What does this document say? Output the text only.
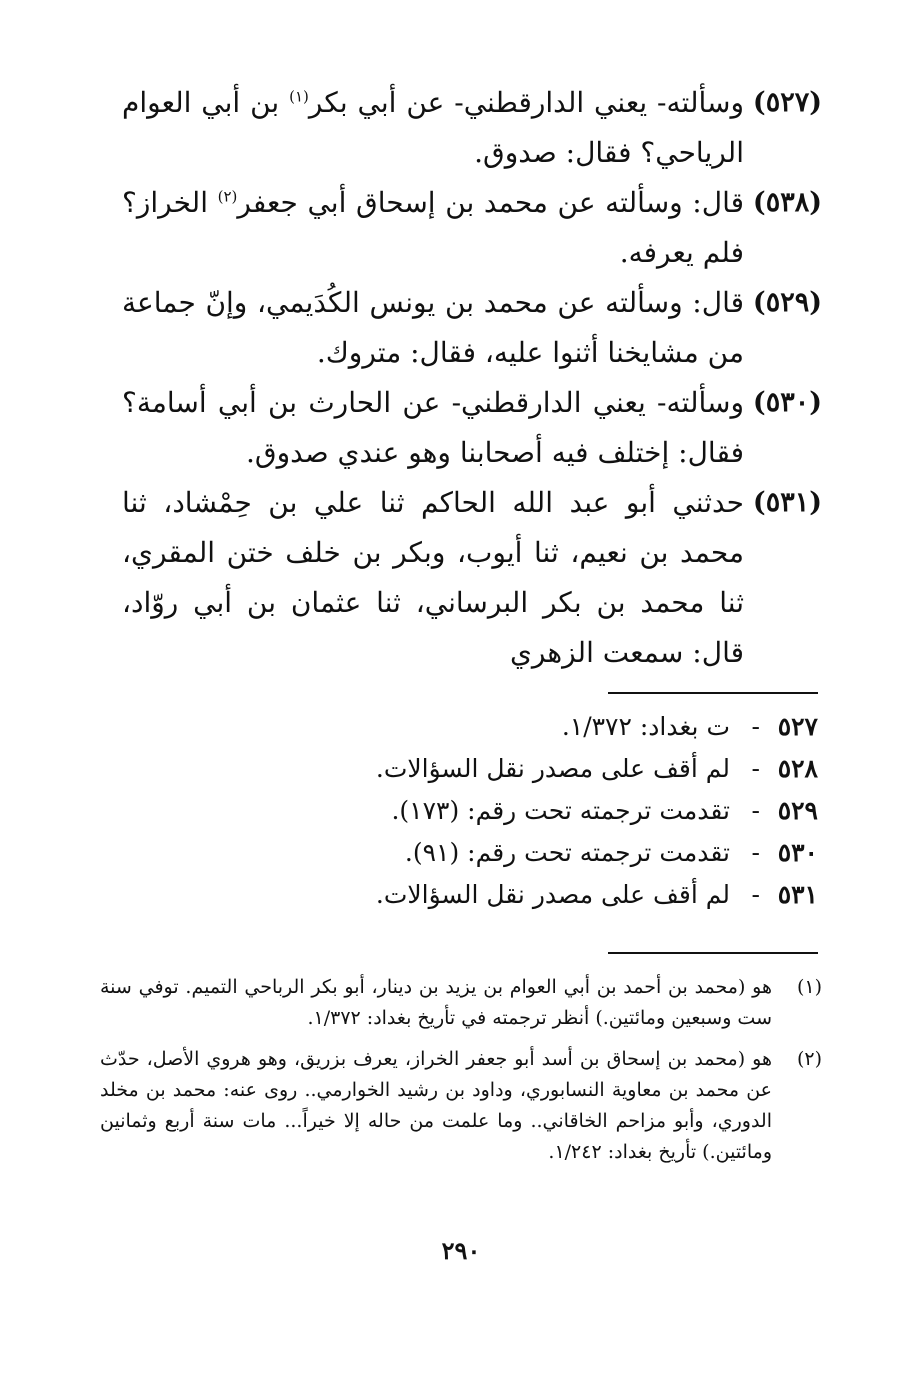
(٥٢٧)
وسألته- يعني الدارقطني- عن أبي بكر$^{(١)}$ بن أبي العوام الرياحي؟ فقال: صدوق.
(٥٣٨)
قال: وسألته عن محمد بن إسحاق أبي جعفر$^{(٢)}$ الخراز؟ فلم يعرفه.
(٥٢٩)
قال: وسألته عن محمد بن يونس الكُدَيمي، وإنّ جماعة من مشايخنا أثنوا عليه، فقال: متروك.
(٥٣٠)
وسألته- يعني الدارقطني- عن الحارث بن أبي أسامة؟ فقال: إختلف فيه أصحابنا وهو عندي صدوق.
(٥٣١)
حدثني أبو عبد الله الحاكم ثنا علي بن حِمْشاد، ثنا محمد بن نعيم، ثنا أيوب، وبكر بن خلف ختن المقري، ثنا محمد بن بكر البرساني، ثنا عثمان بن أبي روّاد، قال: سمعت الزهري
٥٢٧-ت بغداد: ١/٣٧٢.
٥٢٨-لم أقف على مصدر نقل السؤالات.
٥٢٩-تقدمت ترجمته تحت رقم: (١٧٣).
٥٣٠-تقدمت ترجمته تحت رقم: (٩١).
٥٣١-لم أقف على مصدر نقل السؤالات.
(١)
هو (محمد بن أحمد بن أبي العوام بن يزيد بن دينار، أبو بكر الرباحي التميم. توفي سنة ست وسبعين ومائتين.) أنظر ترجمته في تأريخ بغداد: ١/٣٧٢.
(٢)
هو (محمد بن إسحاق بن أسد أبو جعفر الخراز، يعرف بزريق، وهو هروي الأصل، حدّث عن محمد بن معاوية النسابوري، وداود بن رشيد الخوارمي.. روى عنه: محمد بن مخلد الدوري، وأبو مزاحم الخاقاني.. وما علمت من حاله إلا خيراً... مات سنة أربع وثمانين ومائتين.) تأريخ بغداد: ١/٢٤٢.
٢٩٠
